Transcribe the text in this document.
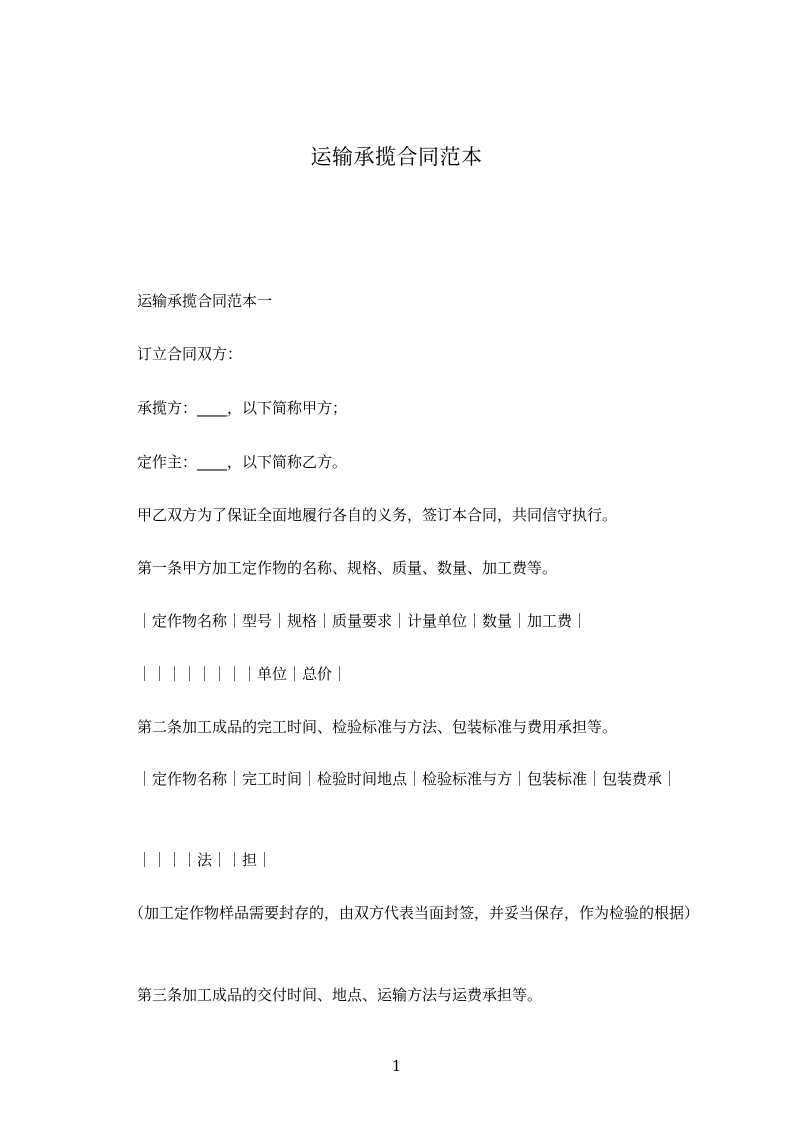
运输承揽合同范本
运输承揽合同范本一
订立合同双方：
承揽方：____，以下简称甲方；
定作主：____，以下简称乙方。
甲乙双方为了保证全面地履行各自的义务，签订本合同，共同信守执行。
第一条甲方加工定作物的名称、规格、质量、数量、加工费等。
｜定作物名称｜型号｜规格｜质量要求｜计量单位｜数量｜加工费｜
｜｜｜｜｜｜｜｜单位｜总价｜
第二条加工成品的完工时间、检验标准与方法、包装标准与费用承担等。
｜定作物名称｜完工时间｜检验时间地点｜检验标准与方｜包装标准｜包装费承｜
｜｜｜｜法｜｜担｜
（加工定作物样品需要封存的，由双方代表当面封签，并妥当保存，作为检验的根据）
第三条加工成品的交付时间、地点、运输方法与运费承担等。
1
